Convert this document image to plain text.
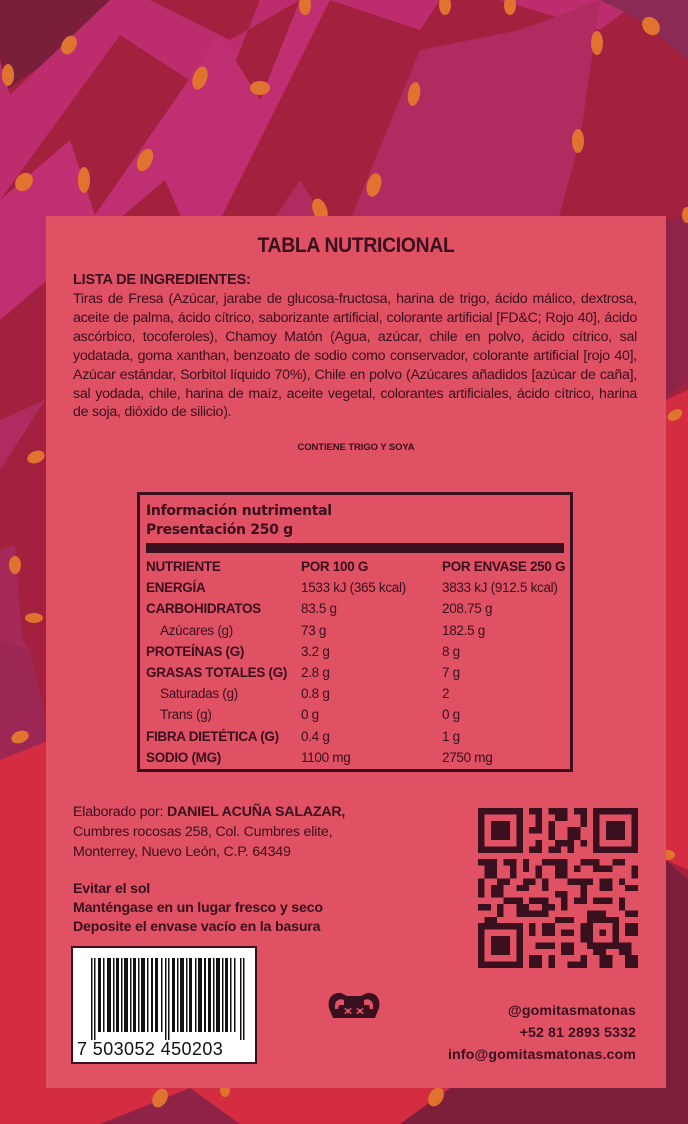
TABLA NUTRICIONAL
LISTA DE INGREDIENTES:
Tiras de Fresa (Azúcar, jarabe de glucosa-fructosa, harina de trigo, ácido málico, dextrosa, aceite de palma, ácido cítrico, saborizante artificial, colorante artificial [FD&C; Rojo 40], ácido ascórbico, tocoferoles), Chamoy Matón (Agua, azúcar, chile en polvo, ácido cítrico, sal yodatada, goma xanthan, benzoato de sodio como conservador, colorante artificial [rojo 40], Azúcar estándar, Sorbitol líquido 70%), Chile en polvo (Azúcares añadidos [azúcar de caña], sal yodada, chile, harina de maíz, aceite vegetal, colorantes artificiales, ácido cítrico, harina de soja, dióxido de silicio).
CONTIENE TRIGO Y SOYA
Información nutrimental
Presentación 250 g
NUTRIENTE	POR 100 G	POR ENVASE 250 G
ENERGÍA	1533 kJ (365 kcal)	3833 kJ (912.5 kcal)
CARBOHIDRATOS	83.5 g	208.75 g
Azúcares (g)	73 g	182.5 g
PROTEÍNAS (G)	3.2 g	8 g
GRASAS TOTALES (G) 2.8 g	7 g
Saturadas (g)	0.8 g	2
Trans (g)	0 g	0 g
FIBRA DIETÉTICA (G) 0.4 g	1 g
SODIO (MG)	1100 mg	2750 mg
Elaborado por: DANIEL ACUÑA SALAZAR,
Cumbres rocosas 258, Col. Cumbres elite,
Monterrey, Nuevo León, C.P. 64349
Evitar el sol
Manténgase en un lugar fresco y seco
Deposite el envase vacío en la basura
7 503052 450203
@gomitasmatonas
+52 81 2893 5332
info@gomitasmatonas.com
